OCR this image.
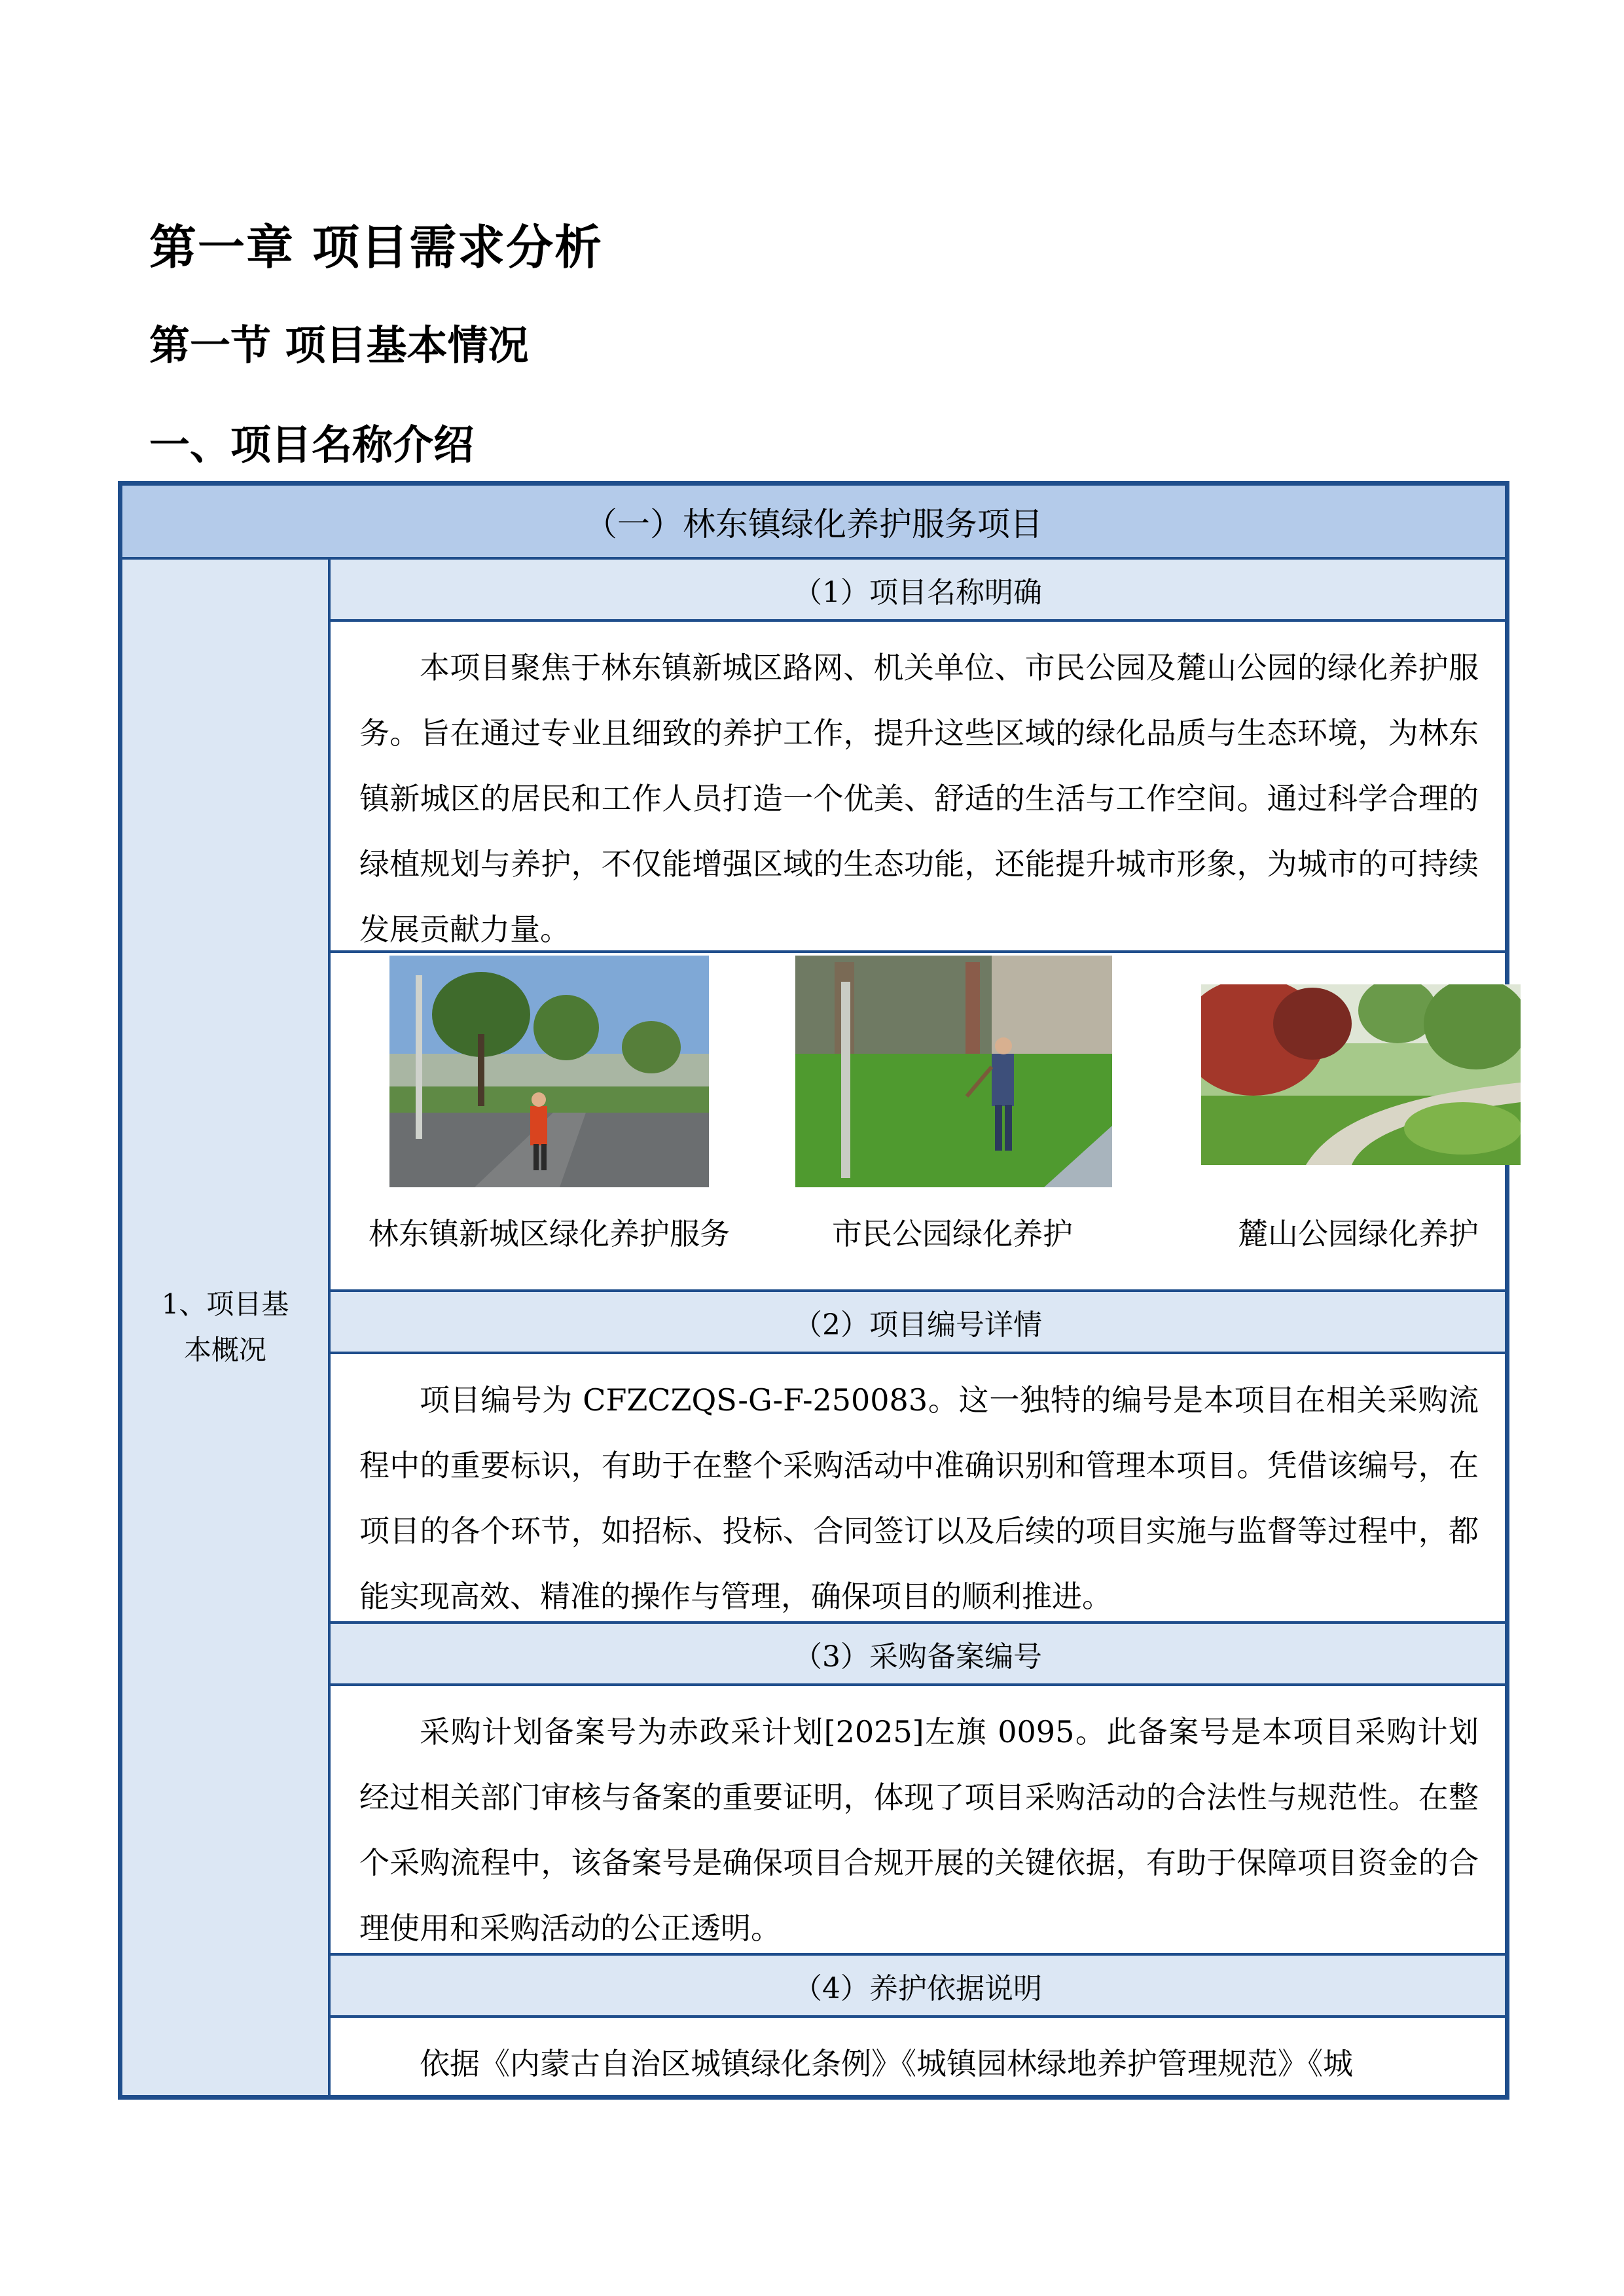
第一章 项目需求分析
第一节 项目基本情况
一、项目名称介绍
（一）林东镇绿化养护服务项目
1、项目基本概况
（1）项目名称明确
本项目聚焦于林东镇新城区路网、机关单位、市民公园及麓山公园的绿化养护服务。旨在通过专业且细致的养护工作，提升这些区域的绿化品质与生态环境，为林东镇新城区的居民和工作人员打造一个优美、舒适的生活与工作空间。通过科学合理的绿植规划与养护，不仅能增强区域的生态功能，还能提升城市形象，为城市的可持续发展贡献力量。
林东镇新城区绿化养护服务	市民公园绿化养护	麓山公园绿化养护
（2）项目编号详情
项目编号为 CFZCZQS-G-F-250083。这一独特的编号是本项目在相关采购流程中的重要标识，有助于在整个采购活动中准确识别和管理本项目。凭借该编号，在项目的各个环节，如招标、投标、合同签订以及后续的项目实施与监督等过程中，都能实现高效、精准的操作与管理，确保项目的顺利推进。
（3）采购备案编号
采购计划备案号为赤政采计划[2025]左旗 0095。此备案号是本项目采购计划经过相关部门审核与备案的重要证明，体现了项目采购活动的合法性与规范性。在整个采购流程中，该备案号是确保项目合规开展的关键依据，有助于保障项目资金的合理使用和采购活动的公正透明。
（4）养护依据说明
依据《内蒙古自治区城镇绿化条例》《城镇园林绿地养护管理规范》《城
